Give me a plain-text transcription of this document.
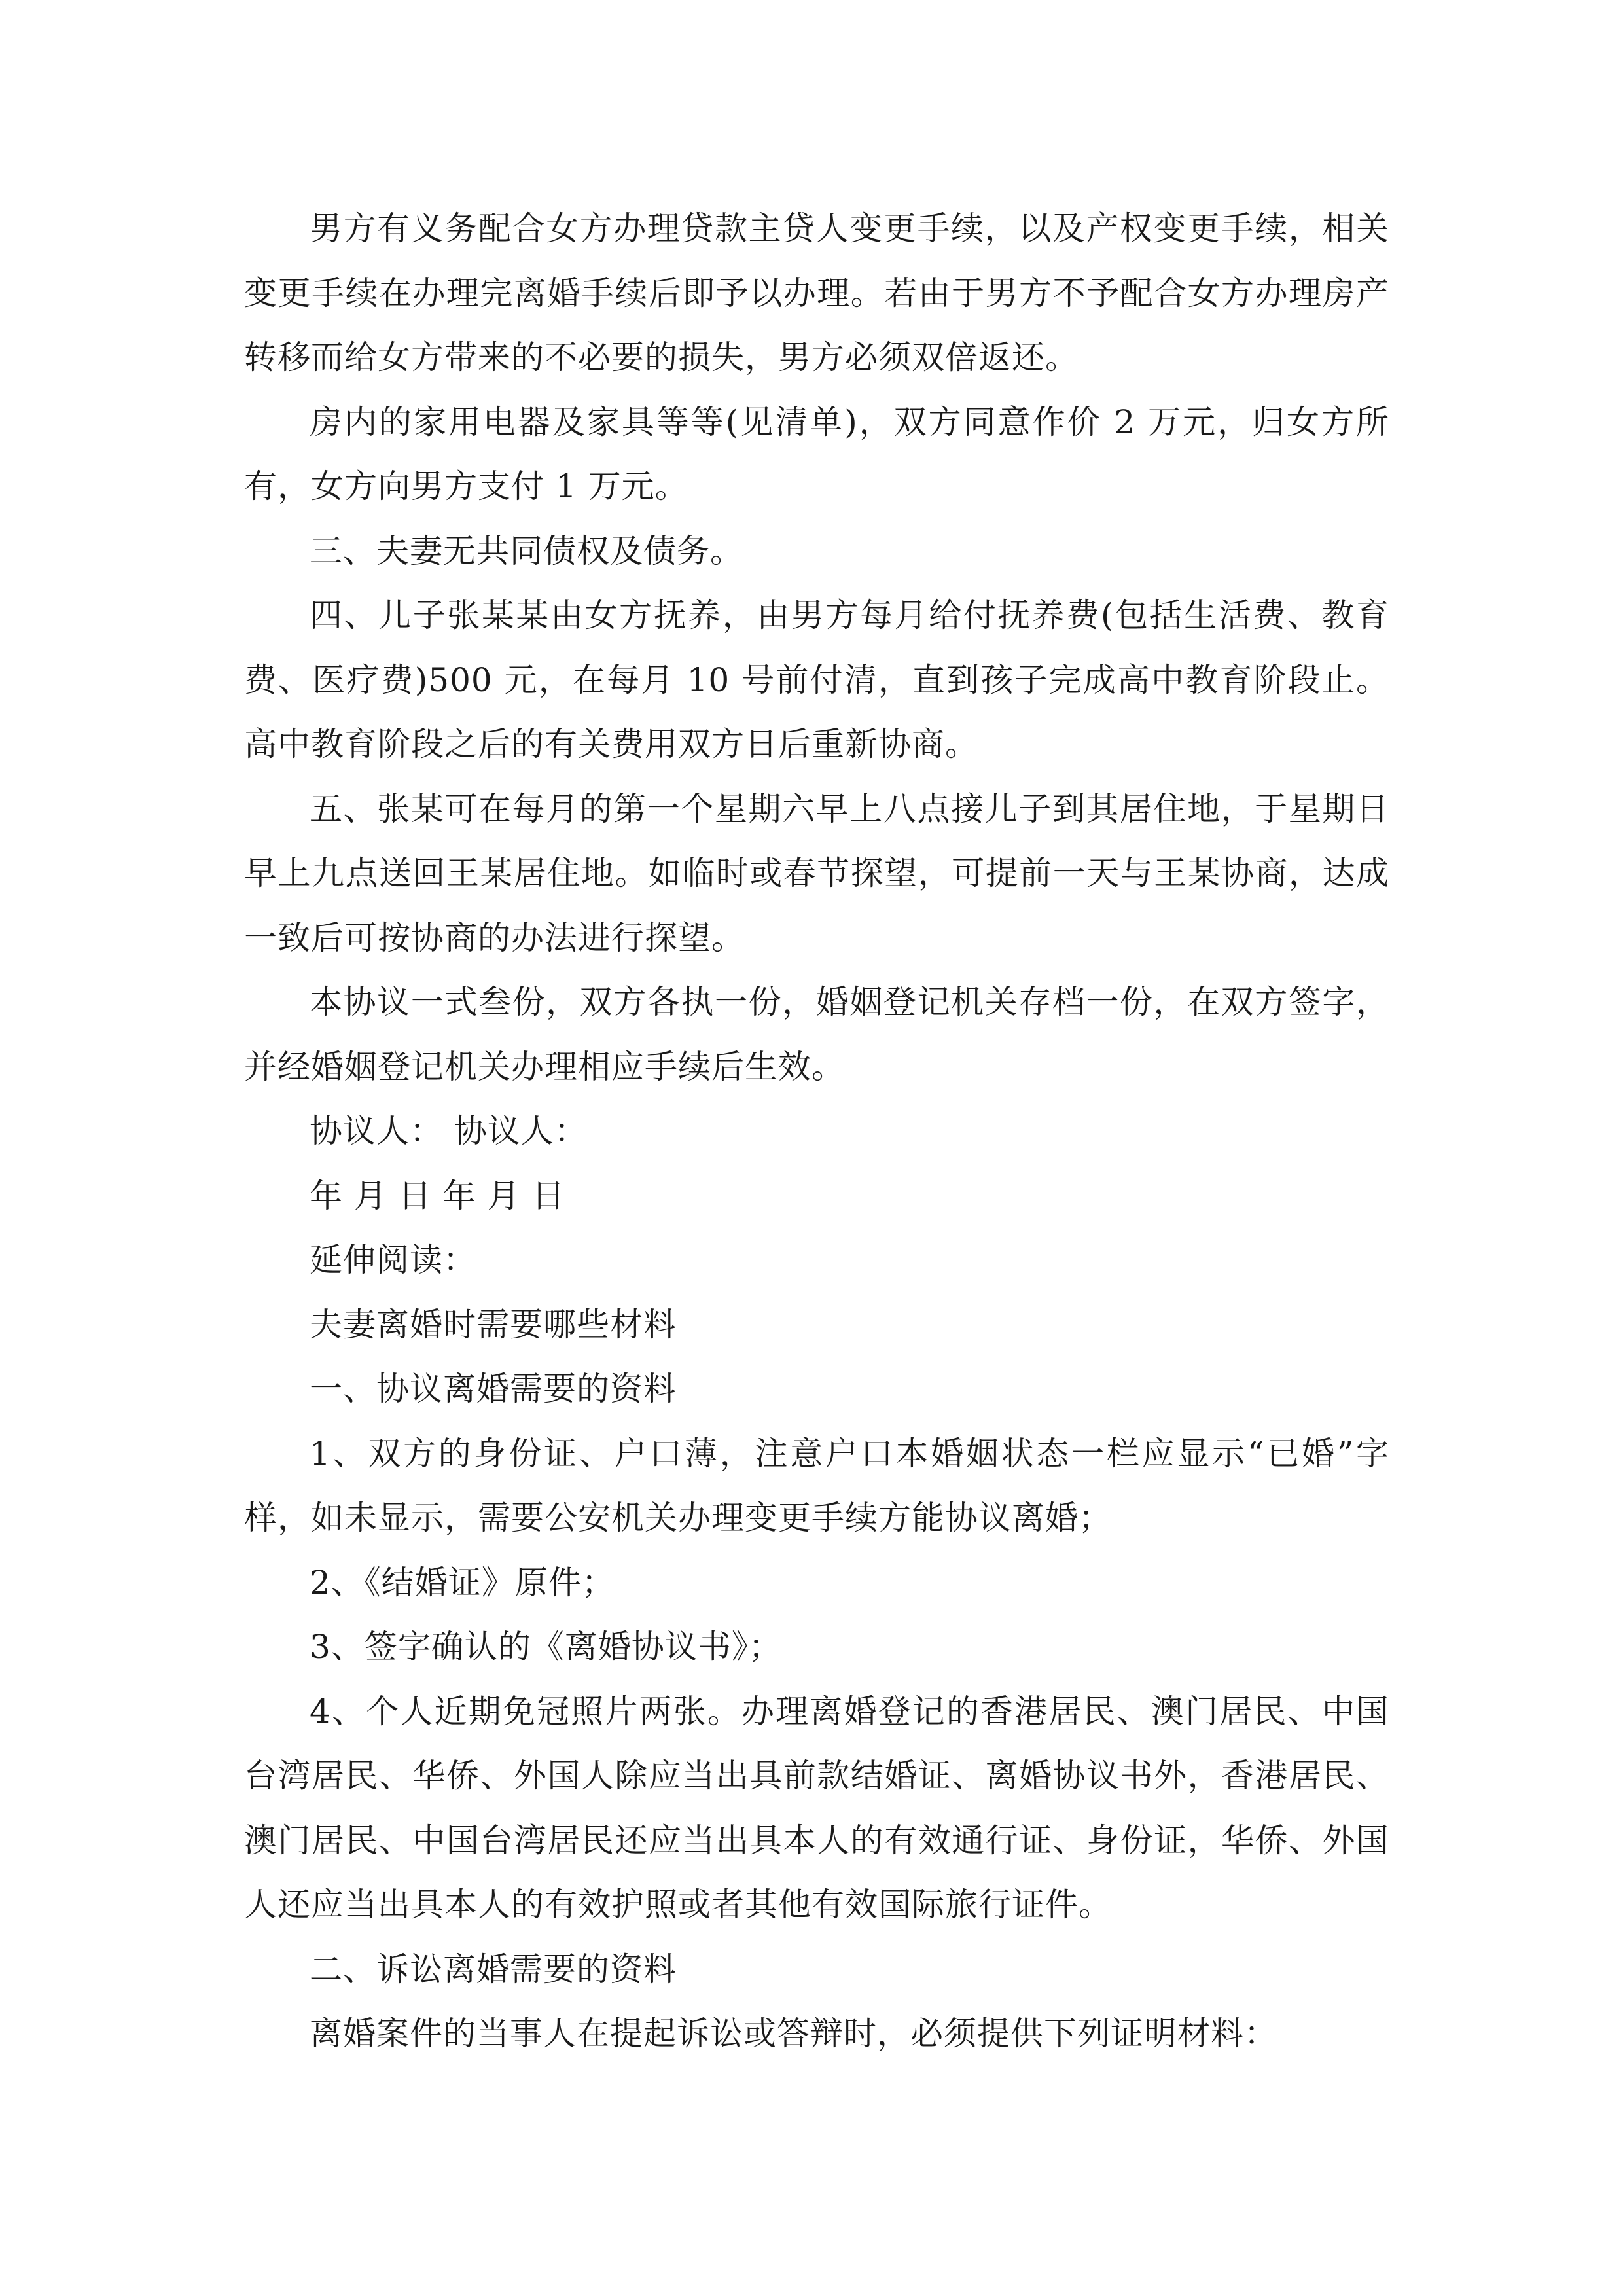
男方有义务配合女方办理贷款主贷人变更手续，以及产权变更手续，相关变更手续在办理完离婚手续后即予以办理。若由于男方不予配合女方办理房产转移而给女方带来的不必要的损失，男方必须双倍返还。

房内的家用电器及家具等等(见清单)，双方同意作价 2 万元，归女方所有，女方向男方支付 1 万元。

三、夫妻无共同债权及债务。

四、儿子张某某由女方抚养，由男方每月给付抚养费(包括生活费、教育费、医疗费)500 元，在每月 10 号前付清，直到孩子完成高中教育阶段止。高中教育阶段之后的有关费用双方日后重新协商。

五、张某可在每月的第一个星期六早上八点接儿子到其居住地，于星期日早上九点送回王某居住地。如临时或春节探望，可提前一天与王某协商，达成一致后可按协商的办法进行探望。

本协议一式叁份，双方各执一份，婚姻登记机关存档一份，在双方签字，并经婚姻登记机关办理相应手续后生效。

协议人： 协议人：

年 月 日 年 月 日

延伸阅读：

夫妻离婚时需要哪些材料

一、协议离婚需要的资料

1、双方的身份证、户口薄，注意户口本婚姻状态一栏应显示“已婚”字样，如未显示，需要公安机关办理变更手续方能协议离婚；

2、《结婚证》原件；

3、签字确认的《离婚协议书》；

4、个人近期免冠照片两张。办理离婚登记的香港居民、澳门居民、中国台湾居民、华侨、外国人除应当出具前款结婚证、离婚协议书外，香港居民、澳门居民、中国台湾居民还应当出具本人的有效通行证、身份证，华侨、外国人还应当出具本人的有效护照或者其他有效国际旅行证件。

二、诉讼离婚需要的资料

离婚案件的当事人在提起诉讼或答辩时，必须提供下列证明材料：
